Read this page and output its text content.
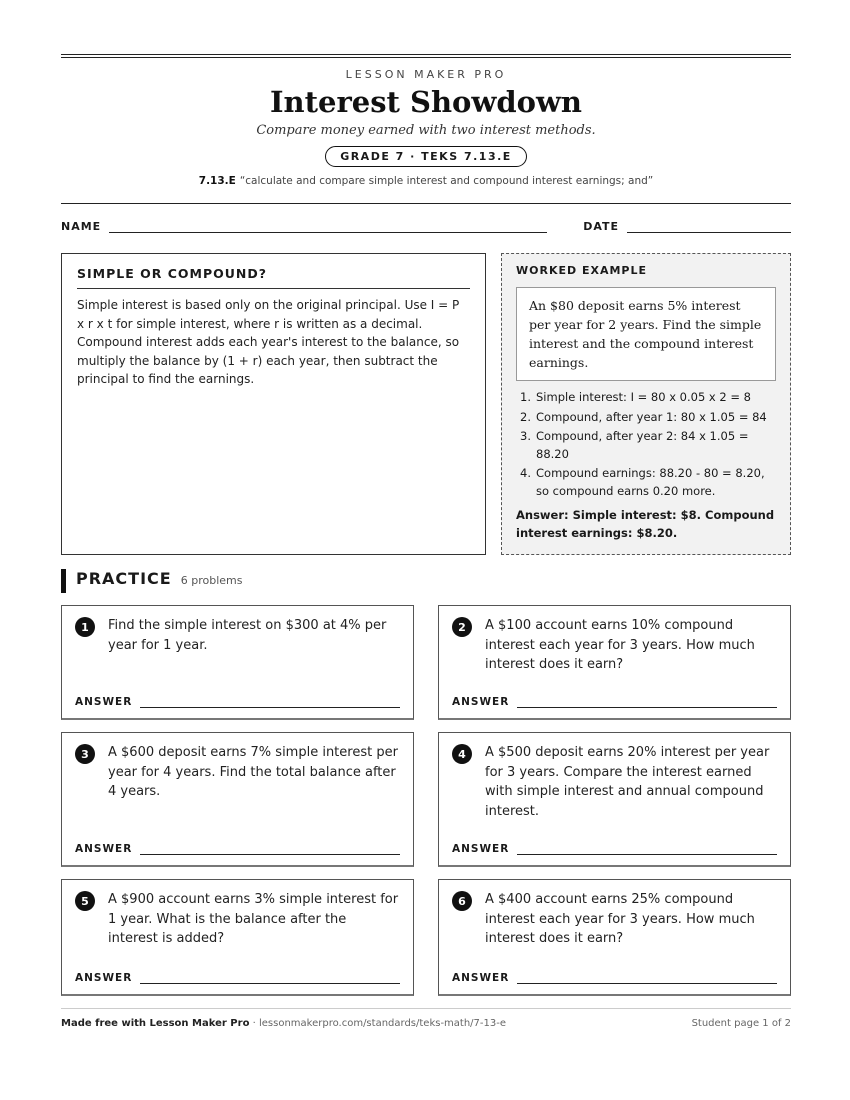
LESSON MAKER PRO
Interest Showdown
Compare money earned with two interest methods.
GRADE 7 · TEKS 7.13.E
7.13.E “calculate and compare simple interest and compound interest earnings; and”
NAME	DATE
SIMPLE OR COMPOUND?

Simple interest is based only on the original principal. Use I = P x r x t for simple interest, where r is written as a decimal. Compound interest adds each year's interest to the balance, so multiply the balance by (1 + r) each year, then subtract the principal to find the earnings.

WORKED EXAMPLE
An $80 deposit earns 5% interest per year for 2 years. Find the simple interest and the compound interest earnings.
1. Simple interest: I = 80 x 0.05 x 2 = 8
2. Compound, after year 1: 80 x 1.05 = 84
3. Compound, after year 2: 84 x 1.05 = 88.20
4. Compound earnings: 88.20 - 80 = 8.20, so compound earns 0.20 more.
Answer: Simple interest: $8. Compound interest earnings: $8.20.
PRACTICE 6 problems
1	Find the simple interest on $300 at 4% per year for 1 year.
ANSWER
2	A $100 account earns 10% compound interest each year for 3 years. How much interest does it earn?
ANSWER
3	A $600 deposit earns 7% simple interest per year for 4 years. Find the total balance after 4 years.
ANSWER
4	A $500 deposit earns 20% interest per year for 3 years. Compare the interest earned with simple interest and annual compound interest.
ANSWER
5	A $900 account earns 3% simple interest for 1 year. What is the balance after the interest is added?
ANSWER
6	A $400 account earns 25% compound interest each year for 3 years. How much interest does it earn?
ANSWER
Made free with Lesson Maker Pro · lessonmakerpro.com/standards/teks-math/7-13-e	Student page 1 of 2
